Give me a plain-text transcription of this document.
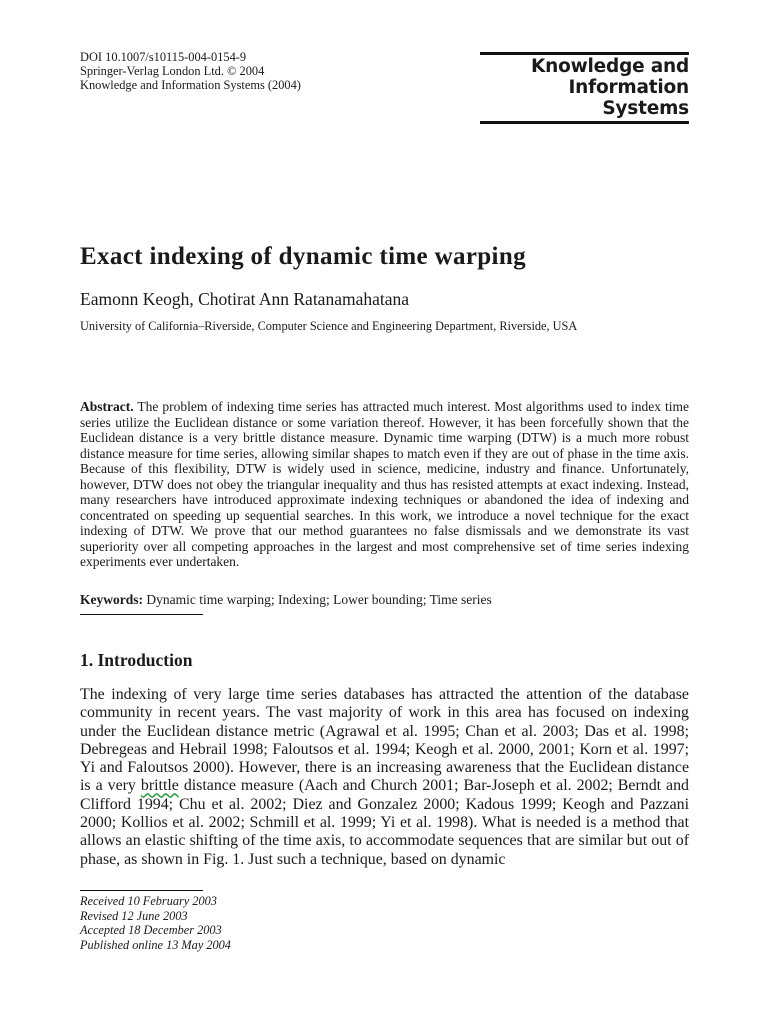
DOI 10.1007/s10115-004-0154-9
Springer-Verlag London Ltd. © 2004
Knowledge and Information Systems (2004)
Knowledge and
Information Systems
Exact indexing of dynamic time warping
Eamonn Keogh, Chotirat Ann Ratanamahatana
University of California–Riverside, Computer Science and Engineering Department, Riverside, USA

Abstract. The problem of indexing time series has attracted much interest. Most algorithms used to index time series utilize the Euclidean distance or some variation thereof. However, it has been forcefully shown that the Euclidean distance is a very brittle distance measure. Dynamic time warping (DTW) is a much more robust distance measure for time series, allowing similar shapes to match even if they are out of phase in the time axis. Because of this flexibility, DTW is widely used in science, medicine, industry and finance. Unfortunately, however, DTW does not obey the triangular inequality and thus has resisted attempts at exact indexing. Instead, many researchers have introduced approximate indexing techniques or abandoned the idea of indexing and concentrated on speeding up sequential searches. In this work, we introduce a novel technique for the exact indexing of DTW. We prove that our method guarantees no false dismissals and we demonstrate its vast superiority over all competing approaches in the largest and most comprehensive set of time series indexing experiments ever undertaken.

Keywords: Dynamic time warping; Indexing; Lower bounding; Time series
1. Introduction

The indexing of very large time series databases has attracted the attention of the database community in recent years. The vast majority of work in this area has focused on indexing under the Euclidean distance metric (Agrawal et al. 1995; Chan et al. 2003; Das et al. 1998; Debregeas and Hebrail 1998; Faloutsos et al. 1994; Keogh et al. 2000, 2001; Korn et al. 1997; Yi and Faloutsos 2000). However, there is an increasing awareness that the Euclidean distance is a very brittle distance measure (Aach and Church 2001; Bar-Joseph et al. 2002; Berndt and Clifford 1994; Chu et al. 2002; Diez and Gonzalez 2000; Kadous 1999; Keogh and Pazzani 2000; Kollios et al. 2002; Schmill et al. 1999; Yi et al. 1998). What is needed is a method that allows an elastic shifting of the time axis, to accommodate sequences that are similar but out of phase, as shown in Fig. 1. Just such a technique, based on dynamic

Received 10 February 2003
Revised 12 June 2003
Accepted 18 December 2003
Published online 13 May 2004
